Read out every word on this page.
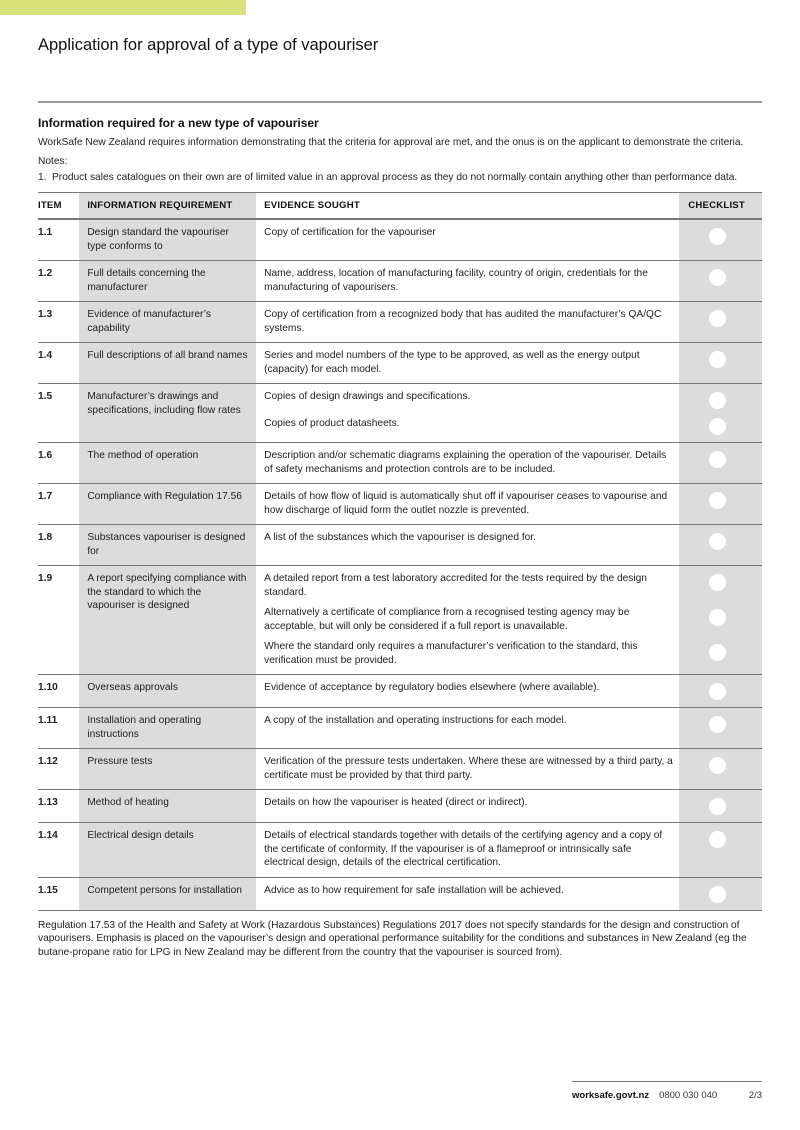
Application for approval of a type of vapouriser
Information required for a new type of vapouriser

WorkSafe New Zealand requires information demonstrating that the criteria for approval are met, and the onus is on the applicant to demonstrate the criteria.

Notes:

1. Product sales catalogues on their own are of limited value in an approval process as they do not normally contain anything other than performance data.
ITEM	INFORMATION REQUIREMENT	EVIDENCE SOUGHT	CHECKLIST
1.1	Design standard the vapouriser type conforms to	Copy of certification for the vapouriser	

1.2	Full details concerning the manufacturer	Name, address, location of manufacturing facility, country of origin, credentials for the manufacturing of vapourisers.	

1.3	Evidence of manufacturer’s capability	Copy of certification from a recognized body that has audited the manufacturer’s QA/QC systems.	

1.4	Full descriptions of all brand names	Series and model numbers of the type to be approved, as well as the energy output (capacity) for each model.	

1.5	Manufacturer’s drawings and specifications, including flow rates	Copies of design drawings and specifications.

Copies of product datasheets.	

1.6	The method of operation	Description and/or schematic diagrams explaining the operation of the vapouriser. Details of safety mechanisms and protection controls are to be included.	

1.7	Compliance with Regulation 17.56	Details of how flow of liquid is automatically shut off if vapouriser ceases to vapourise and how discharge of liquid form the outlet nozzle is prevented.	

1.8	Substances vapouriser is designed for	A list of the substances which the vapouriser is designed for.	

1.9	A report specifying compliance with the standard to which the vapouriser is designed	A detailed report from a test laboratory accredited for the tests required by the design standard.

Alternatively a certificate of compliance from a recognised testing agency may be acceptable, but will only be considered if a full report is unavailable.

Where the standard only requires a manufacturer’s verification to the standard, this verification must be provided.	

1.10	Overseas approvals	Evidence of acceptance by regulatory bodies elsewhere (where available).	

1.11	Installation and operating instructions	A copy of the installation and operating instructions for each model.	

1.12	Pressure tests	Verification of the pressure tests undertaken. Where these are witnessed by a third party, a certificate must be provided by that third party.	

1.13	Method of heating	Details on how the vapouriser is heated (direct or indirect).	

1.14	Electrical design details	Details of electrical standards together with details of the certifying agency and a copy of the certificate of conformity. If the vapouriser is of a flameproof or intrinsically safe electrical design, details of the electrical certification.	

1.15	Competent persons for installation	Advice as to how requirement for safe installation will be achieved.	

Regulation 17.53 of the Health and Safety at Work (Hazardous Substances) Regulations 2017 does not specify standards for the design and construction of vapourisers. Emphasis is placed on the vapouriser’s design and operational performance suitability for the conditions and substances in New Zealand (eg the butane-propane ratio for LPG in New Zealand may be different from the country that the vapouriser is sourced from).

worksafe.govt.nz 0800 030 040	2/3
